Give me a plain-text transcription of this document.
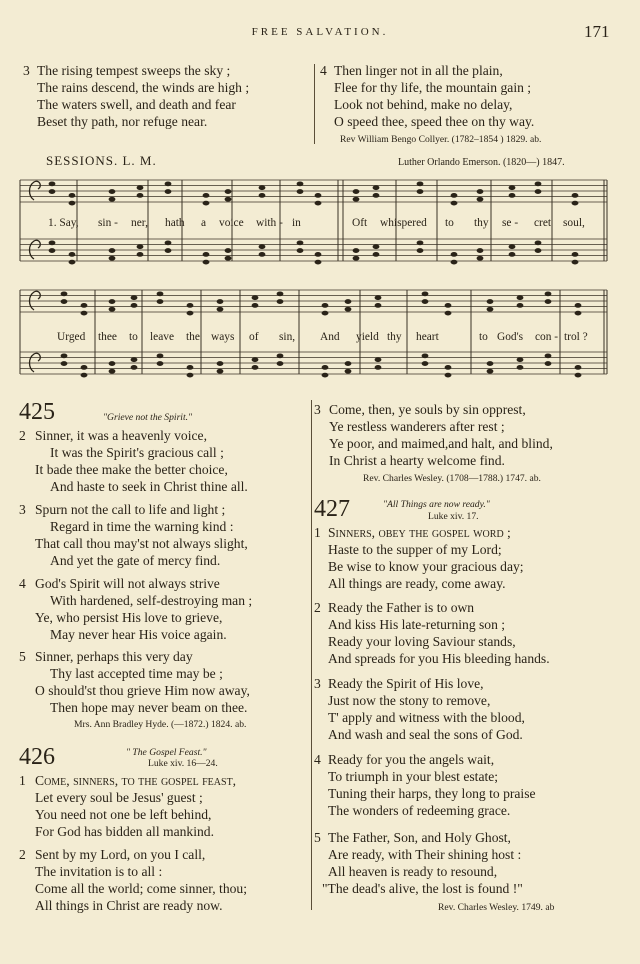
FREE SALVATION.	171
3 The rising tempest sweeps the sky ;
The rains descend, the winds are high ;
The waters swell, and death and fear
Beset thy path, nor refuge near.
4 Then linger not in all the plain,
Flee for thy life, the mountain gain ;
Look not behind, make no delay,
O speed thee, speed thee on thy way.
Rev William Bengo Collyer. (1782–1854 ) 1829. ab.
SESSIONS. L. M.	Luther Orlando Emerson. (1820—) 1847.
1. Say, sin - ner, hath a voice with - in	Oft whispered to thy se - cret soul,
Urged thee to leave the ways of sin, And yield thy heart	to God's con - trol ?
425	"Grieve not the Spirit."
2 Sinner, it was a heavenly voice,
It was the Spirit's gracious call ;
It bade thee make the better choice,
And haste to seek in Christ thine all.
3 Spurn not the call to life and light ;
Regard in time the warning kind :
That call thou may'st not always slight,
And yet the gate of mercy find.
4 God's Spirit will not always strive
With hardened, self-destroying man ;
Ye, who persist His love to grieve,
May never hear His voice again.
5 Sinner, perhaps this very day
Thy last accepted time may be ;
O should'st thou grieve Him now away,
Then hope may never beam on thee.
Mrs. Ann Bradley Hyde. (—1872.) 1824. ab.
426	" The Gospel Feast."
Luke xiv. 16—24.
1 Come, sinners, to the gospel feast,
Let every soul be Jesus' guest ;
You need not one be left behind,
For God has bidden all mankind.
2 Sent by my Lord, on you I call,
The invitation is to all :
Come all the world; come sinner, thou;
All things in Christ are ready now.
3 Come, then, ye souls by sin opprest,
Ye restless wanderers after rest ;
Ye poor, and maimed,and halt, and blind,
In Christ a hearty welcome find.
Rev. Charles Wesley. (1708—1788.) 1747. ab.
427	"All Things are now ready."
Luke xiv. 17.
1 Sinners, obey the gospel word ;
Haste to the supper of my Lord;
Be wise to know your gracious day;
All things are ready, come away.
2 Ready the Father is to own
And kiss His late-returning son ;
Ready your loving Saviour stands,
And spreads for you His bleeding hands.
3 Ready the Spirit of His love,
Just now the stony to remove,
T' apply and witness with the blood,
And wash and seal the sons of God.
4 Ready for you the angels wait,
To triumph in your blest estate;
Tuning their harps, they long to praise
The wonders of redeeming grace.
5 The Father, Son, and Holy Ghost,
Are ready, with Their shining host :
All heaven is ready to resound,
"The dead's alive, the lost is found !"
Rev. Charles Wesley. 1749. ab
